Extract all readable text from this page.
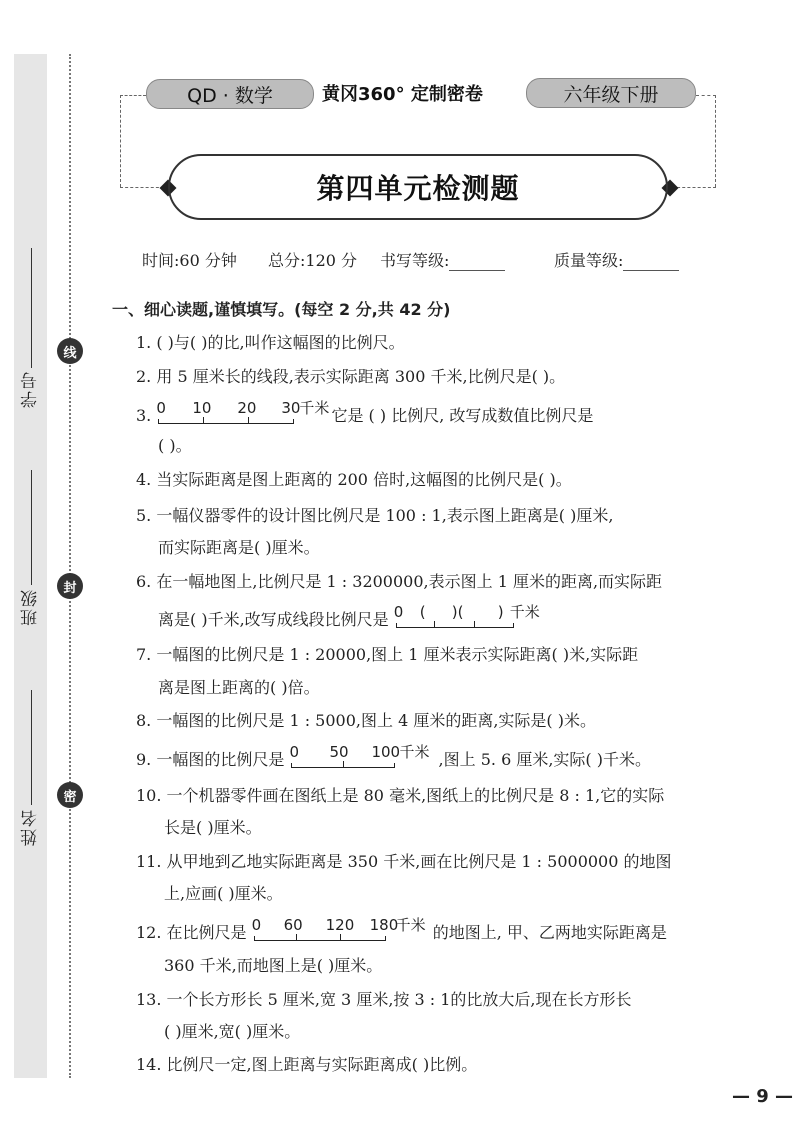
学号
班级
姓名
线
封
密
QD · 数学	黄冈360° 定制密卷	六年级下册
第四单元检测题
时间:60 分钟 总分:120 分 书写等级:	质量等级:
一、细心读题,谨慎填写。(每空 2 分,共 42 分)
1. ( )与( )的比,叫作这幅图的比例尺。
2. 用 5 厘米长的线段,表示实际距离 300 千米,比例尺是( )。
3. 0 10 20 30
千米 它是 ( ) 比例尺, 改写成数值比例尺是
( )。
4. 当实际距离是图上距离的 200 倍时,这幅图的比例尺是( )。
5. 一幅仪器零件的设计图比例尺是 100 : 1,表示图上距离是( )厘米,
而实际距离是( )厘米。
6. 在一幅地图上,比例尺是 1 : 3200000,表示图上 1 厘米的距离,而实际距
离是( )千米,改写成线段比例尺是 0 ( )( ) 千米
7. 一幅图的比例尺是 1 : 20000,图上 1 厘米表示实际距离( )米,实际距
离是图上距离的( )倍。
8. 一幅图的比例尺是 1 : 5000,图上 4 厘米的距离,实际是( )米。
9. 一幅图的比例尺是 0 50 100 千米 ,图上 5. 6 厘米,实际( )千米。
10. 一个机器零件画在图纸上是 80 毫米,图纸上的比例尺是 8 : 1,它的实际
长是( )厘米。
11. 从甲地到乙地实际距离是 350 千米,画在比例尺是 1 : 5000000 的地图
上,应画( )厘米。
12. 在比例尺是 0 60 120 180
千米 的地图上, 甲、乙两地实际距离是
360 千米,而地图上是( )厘米。
13. 一个长方形长 5 厘米,宽 3 厘米,按 3 : 1的比放大后,现在长方形长
( )厘米,宽( )厘米。
14. 比例尺一定,图上距离与实际距离成( )比例。
— 9 —
